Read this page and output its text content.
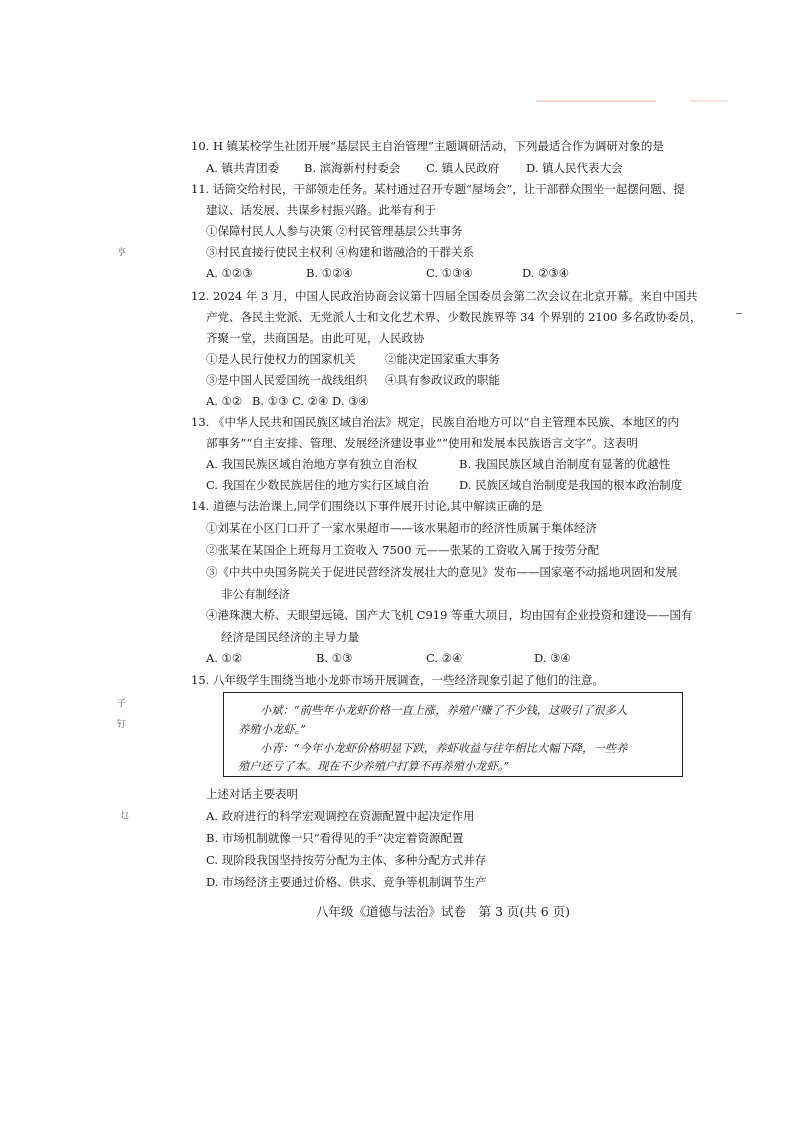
亨
子
钉
乜
10. H 镇某校学生社团开展“基层民主自治管理”主题调研活动，下列最适合作为调研对象的是
A. 镇共青团委	B. 滨海新村村委会	C. 镇人民政府	D. 镇人民代表大会
11. 话筒交给村民，干部领走任务。某村通过召开专题“屋场会”，让干部群众围坐一起摆问题、提
建议、话发展、共谋乡村振兴路。此举有利于
①保障村民人人参与决策 ②村民管理基层公共事务
③村民直接行使民主权利 ④构建和谐融洽的干群关系
A. ①②③	B. ①②④	C. ①③④	D. ②③④
12. 2024 年 3 月，中国人民政治协商会议第十四届全国委员会第二次会议在北京开幕。来自中国共
产党、各民主党派、无党派人士和文化艺术界、少数民族界等 34 个界别的 2100 多名政协委员，
齐聚一堂，共商国是。由此可见，人民政协
①是人民行使权力的国家机关	②能决定国家重大事务
③是中国人民爱国统一战线组织	④具有参政议政的职能
A. ①② B. ①③ C. ②④ D. ③④
13. 《中华人民共和国民族区域自治法》规定，民族自治地方可以“自主管理本民族、本地区的内
部事务”“自主安排、管理、发展经济建设事业”“使用和发展本民族语言文字”。这表明
A. 我国民族区域自治地方享有独立自治权	B. 我国民族区域自治制度有显著的优越性
C. 我国在少数民族居住的地方实行区域自治	D. 民族区域自治制度是我国的根本政治制度
14. 道德与法治课上,同学们围绕以下事件展开讨论,其中解读正确的是
①刘某在小区门口开了一家水果超市——该水果超市的经济性质属于集体经济
②张某在某国企上班每月工资收入 7500 元——张某的工资收入属于按劳分配
③《中共中央国务院关于促进民营经济发展壮大的意见》发布——国家毫不动摇地巩固和发展
非公有制经济
④港珠澳大桥、天眼望远镜、国产大飞机 C919 等重大项目，均由国有企业投资和建设——国有
经济是国民经济的主导力量
A. ①②	B. ①③	C. ②④	D. ③④
15. 八年级学生围绕当地小龙虾市场开展调查，一些经济现象引起了他们的注意。
小斌：“前些年小龙虾价格一直上涨，养殖户赚了不少钱，这吸引了很多人
养殖小龙虾。”
小青：“今年小龙虾价格明显下跌，养虾收益与往年相比大幅下降，一些养
殖户还亏了本。现在不少养殖户打算不再养殖小龙虾。”
上述对话主要表明
A. 政府进行的科学宏观调控在资源配置中起决定作用
B. 市场机制就像一只“看得见的手”决定着资源配置
C. 现阶段我国坚持按劳分配为主体、多种分配方式并存
D. 市场经济主要通过价格、供求、竞争等机制调节生产
八年级《道德与法治》试卷　第 3 页(共 6 页)
